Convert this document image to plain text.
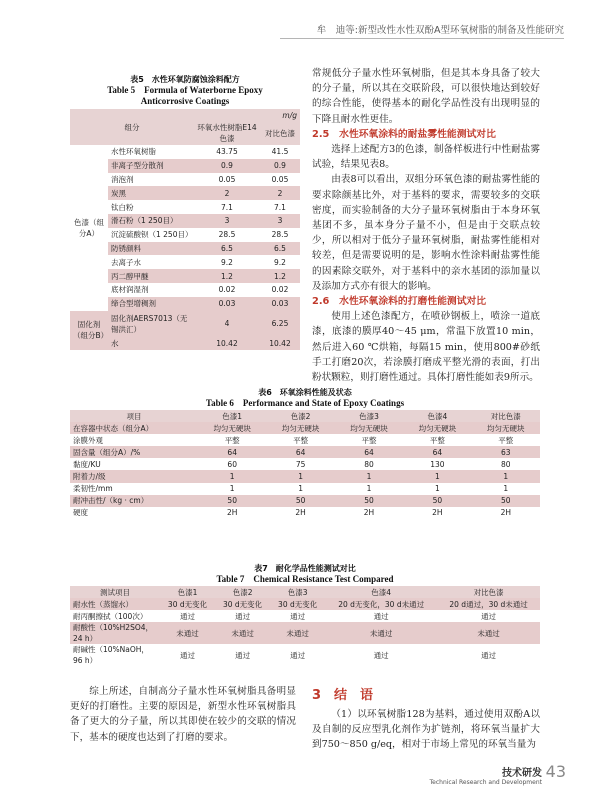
牟　迪等:新型改性水性双酚A型环氧树脂的制备及性能研究
表5　水性环氧防腐蚀涂料配方
Table 5　Formula of Waterborne Epoxy Anticorrosive Coatings
组分		m/g	
		环氧水性树脂E14色漆	对比色漆
色漆（组分A）	水性环氧树脂	43.75	41.5
	非离子型分散剂	0.9	0.9
	消泡剂	0.05	0.05
	炭黑	2	2
	钛白粉	7.1	7.1
	滑石粉（1 250目）	3	3
	沉淀硫酸钡（1 250目）	28.5	28.5
	防锈颜料	6.5	6.5
	去离子水	9.2	9.2
	丙二醇甲醚	1.2	1.2
	底材润湿剂	0.02	0.02
	缔合型增稠剂	0.03	0.03
固化剂（组分B）	固化剂AERS7013（无锡洪汇）	4	6.25
	水	10.42	10.42

常规低分子量水性环氧树脂，但是其本身具备了较大的分子量，所以其在交联阶段，可以很快地达到较好的综合性能，使得基本的耐化学品性没有出现明显的下降且耐水性更佳。

2.5　水性环氧涂料的耐盐雾性能测试对比

选择上述配方3的色漆，制备样板进行中性耐盐雾试验，结果见表8。

由表8可以看出，双组分环氧色漆的耐盐雾性能的要求除颜基比外，对于基料的要求，需要较多的交联密度，而实验制备的大分子量环氧树脂由于本身环氧基团不多，虽本身分子量不小，但是由于交联点较少，所以相对于低分子量环氧树脂，耐盐雾性能相对较差，但是需要说明的是，影响水性涂料耐盐雾性能的因素除交联外，对于基料中的亲水基团的添加量以及添加方式亦有很大的影响。

2.6　水性环氧涂料的打磨性能测试对比

使用上述色漆配方，在喷砂钢板上，喷涂一道底漆，底漆的膜厚40～45 μm，常温下放置10 min，然后进入60 ℃烘箱，每隔15 min，使用800#砂纸手工打磨20次，若涂膜打磨成平整光滑的表面，打出粉状颗粒，则打磨性通过。具体打磨性能如表9所示。

表6　环氧涂料性能及状态
Table 6　Performance and State of Epoxy Coatings
项目	色漆1	色漆2	色漆3	色漆4	对比色漆
在容器中状态（组分A）	均匀无硬块	均匀无硬块	均匀无硬块	均匀无硬块	均匀无硬块
涂膜外观	平整	平整	平整	平整	平整
固含量（组分A）/%	64	64	64	64	63
黏度/KU	60	75	80	130	80
附着力/级	1	1	1	1	1
柔韧性/mm	1	1	1	1	1
耐冲击性/（kg · cm）	50	50	50	50	50
硬度	2H	2H	2H	2H	2H
表7　耐化学品性能测试对比
Table 7　Chemical Resistance Test Compared
测试项目	色漆1	色漆2	色漆3	色漆4	对比色漆
耐水性（蒸馏水）	30 d无变化	30 d无变化	30 d无变化	20 d无变化，30 d未通过	20 d通过，30 d未通过
耐丙酮擦拭（100次）	通过	通过	通过	通过	通过
耐酸性（10%H2SO4，24 h）	未通过	未通过	未通过	未通过	未通过
耐碱性（10%NaOH，96 h）	通过	通过	通过	通过	通过

综上所述，自制高分子量水性环氧树脂具备明显更好的打磨性。主要的原因是，新型水性环氧树脂具备了更大的分子量，所以其即使在较少的交联的情况下，基本的硬度也达到了打磨的要求。

3　结　语

（1）以环氧树脂128为基料，通过使用双酚A以及自制的反应型乳化剂作为扩链剂，将环氧当量扩大到750～850 g/eq，相对于市场上常见的环氧当量为

技术研发
Technical Research and Development
43
